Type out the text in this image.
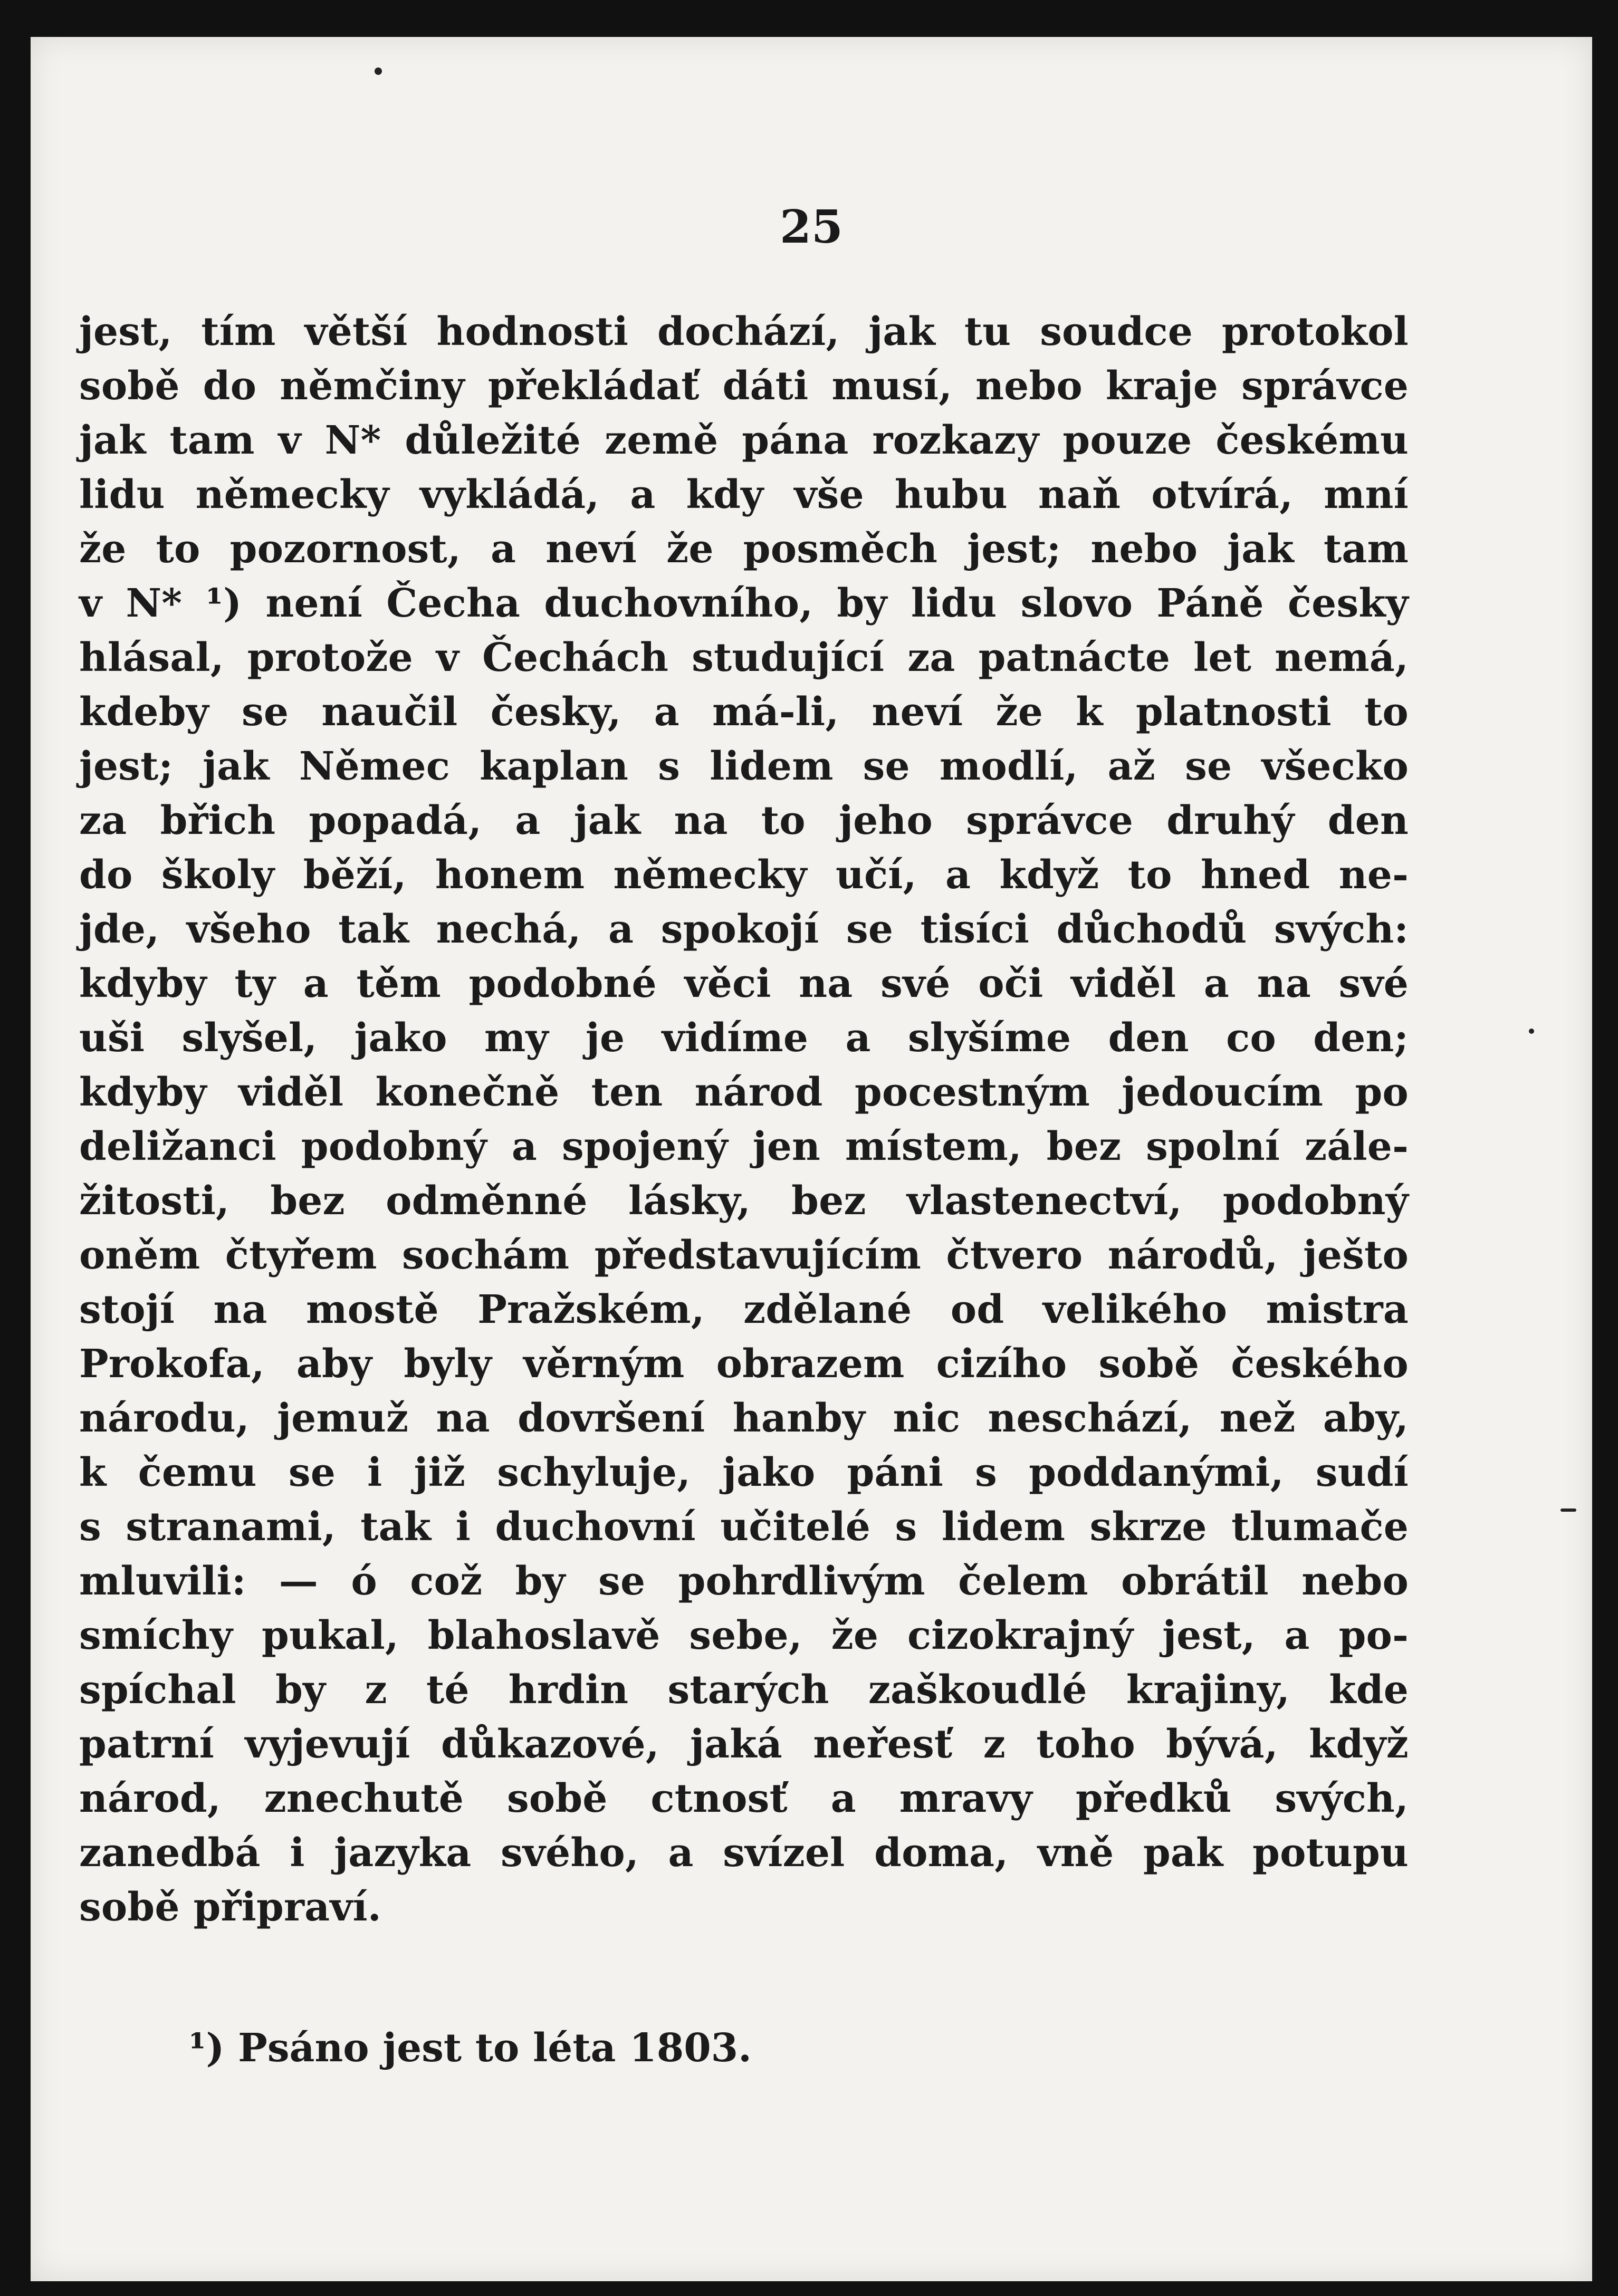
25
jest, tím větší hodnosti dochází, jak tu soudce protokol
sobě do němčiny překládať dáti musí, nebo kraje správce
jak tam v N* důležité země pána rozkazy pouze českému
lidu německy vykládá, a kdy vše hubu naň otvírá, mní
že to pozornost, a neví že posměch jest; nebo jak tam
v N* ¹) není Čecha duchovního, by lidu slovo Páně česky
hlásal, protože v Čechách studující za patnácte let nemá,
kdeby se naučil česky, a má-li, neví že k platnosti to
jest; jak Němec kaplan s lidem se modlí, až se všecko
za břich popadá, a jak na to jeho správce druhý den
do školy běží, honem německy učí, a když to hned ne-
jde, všeho tak nechá, a spokojí se tisíci důchodů svých:
kdyby ty a těm podobné věci na své oči viděl a na své
uši slyšel, jako my je vidíme a slyšíme den co den;
kdyby viděl konečně ten národ pocestným jedoucím po
deližanci podobný a spojený jen místem, bez spolní zále-
žitosti, bez odměnné lásky, bez vlastenectví, podobný
oněm čtyřem sochám představujícím čtvero národů, ješto
stojí na mostě Pražském, zdělané od velikého mistra
Prokofa, aby byly věrným obrazem cizího sobě českého
národu, jemuž na dovršení hanby nic neschází, než aby,
k čemu se i již schyluje, jako páni s poddanými, sudí
s stranami, tak i duchovní učitelé s lidem skrze tlumače
mluvili: — ó což by se pohrdlivým čelem obrátil nebo
smíchy pukal, blahoslavě sebe, že cizokrajný jest, a po-
spíchal by z té hrdin starých zaškoudlé krajiny, kde
patrní vyjevují důkazové, jaká neřesť z toho bývá, když
národ, znechutě sobě ctnosť a mravy předků svých,
zanedbá i jazyka svého, a svízel doma, vně pak potupu
sobě připraví.
¹) Psáno jest to léta 1803.
